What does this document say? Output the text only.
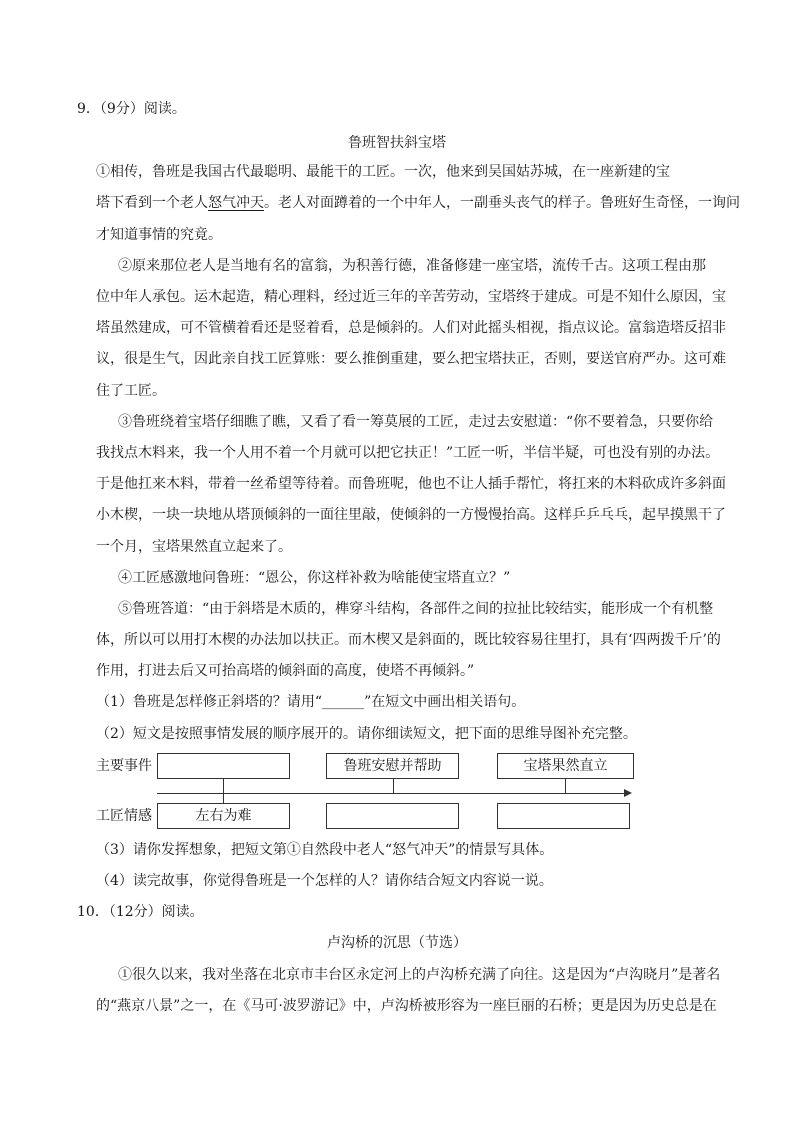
9．（9分）阅读。
鲁班智扶斜宝塔
①相传，鲁班是我国古代最聪明、最能干的工匠。一次，他来到吴国姑苏城，在一座新建的宝
塔下看到一个老人怒气冲天。老人对面蹲着的一个中年人，一副垂头丧气的样子。鲁班好生奇怪，一询问
才知道事情的究竟。
②原来那位老人是当地有名的富翁，为积善行德，准备修建一座宝塔，流传千古。这项工程由那
位中年人承包。运木起造，精心理料，经过近三年的辛苦劳动，宝塔终于建成。可是不知什么原因，宝
塔虽然建成，可不管横着看还是竖着看，总是倾斜的。人们对此摇头相视，指点议论。富翁造塔反招非
议，很是生气，因此亲自找工匠算账：要么推倒重建，要么把宝塔扶正，否则，要送官府严办。这可难
住了工匠。
③鲁班绕着宝塔仔细瞧了瞧，又看了看一筹莫展的工匠，走过去安慰道：“你不要着急，只要你给
我找点木料来，我一个人用不着一个月就可以把它扶正！”工匠一听，半信半疑，可也没有别的办法。
于是他扛来木料，带着一丝希望等待着。而鲁班呢，他也不让人插手帮忙，将扛来的木料砍成许多斜面
小木楔，一块一块地从塔顶倾斜的一面往里敲，使倾斜的一方慢慢抬高。这样乒乒乓乓，起早摸黑干了
一个月，宝塔果然直立起来了。
④工匠感激地问鲁班：“恩公，你这样补救为啥能使宝塔直立？”
⑤鲁班答道：“由于斜塔是木质的，榫穿斗结构，各部件之间的拉扯比较结实，能形成一个有机整
体，所以可以用打木楔的办法加以扶正。而木楔又是斜面的，既比较容易往里打，具有‘四两拨千斤’的
作用，打进去后又可抬高塔的倾斜面的高度，使塔不再倾斜。”
（1）鲁班是怎样修正斜塔的？请用“______”在短文中画出相关语句。
（2）短文是按照事情发展的顺序展开的。请你细读短文，把下面的思维导图补充完整。
主要事件
工匠情感
鲁班安慰并帮助	宝塔果然直立
左右为难
（3）请你发挥想象，把短文第①自然段中老人“怒气冲天”的情景写具体。
（4）读完故事，你觉得鲁班是一个怎样的人？请你结合短文内容说一说。
10．（12分）阅读。
卢沟桥的沉思（节选）
①很久以来，我对坐落在北京市丰台区永定河上的卢沟桥充满了向往。这是因为“卢沟晓月”是著名
的“燕京八景”之一，在《马可·波罗游记》中，卢沟桥被形容为一座巨丽的石桥；更是因为历史总是在
